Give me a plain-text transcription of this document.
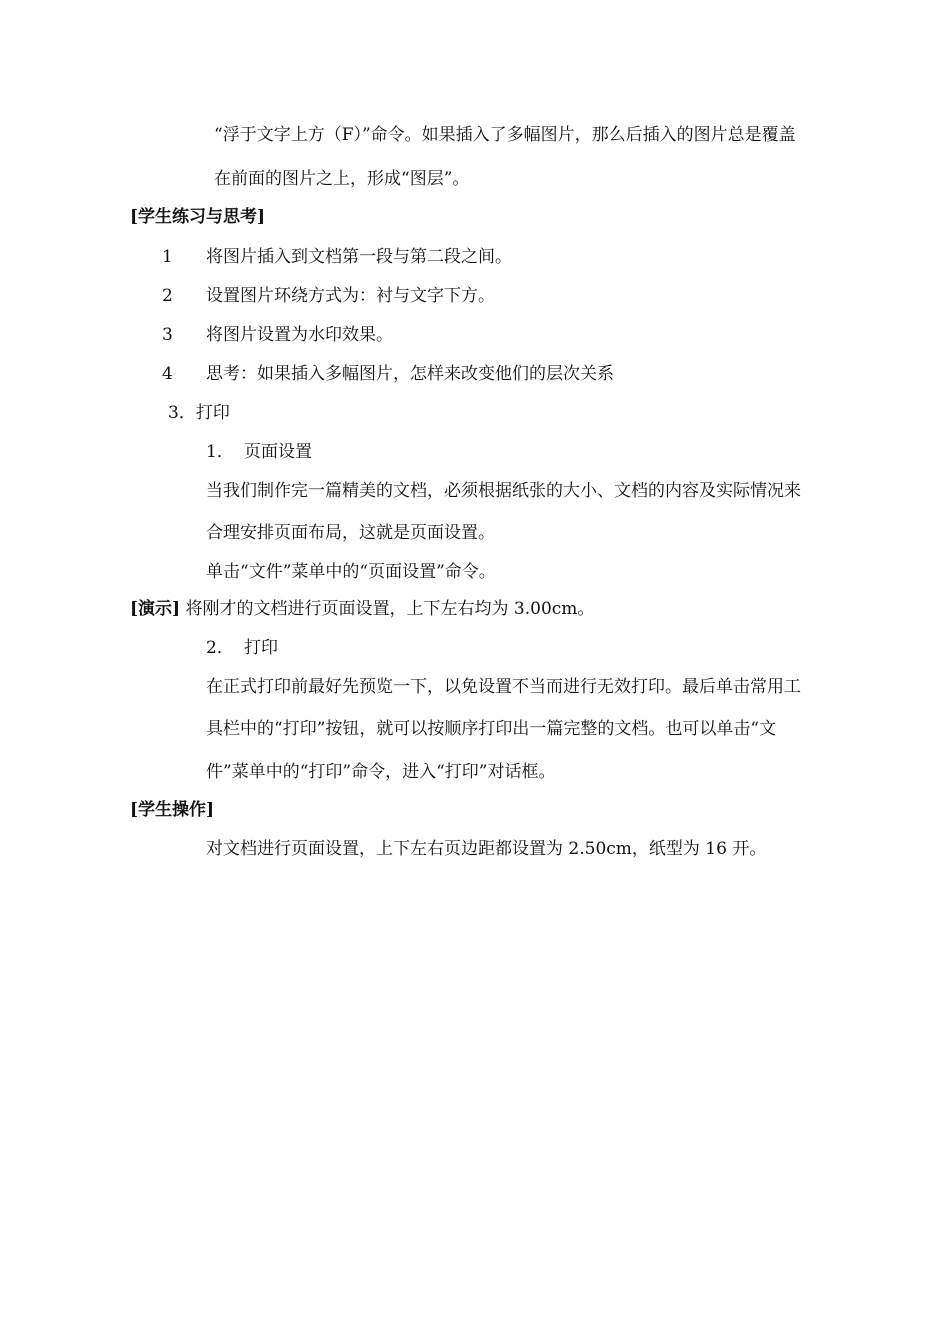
“浮于文字上方（F）”命令。如果插入了多幅图片，那么后插入的图片总是覆盖
在前面的图片之上，形成“图层”。
[学生练习与思考]
1 将图片插入到文档第一段与第二段之间。
2 设置图片环绕方式为：衬与文字下方。
3 将图片设置为水印效果。
4 思考：如果插入多幅图片，怎样来改变他们的层次关系
3．打印
1． 页面设置
当我们制作完一篇精美的文档，必须根据纸张的大小、文档的内容及实际情况来
合理安排页面布局，这就是页面设置。
单击“文件”菜单中的“页面设置”命令。
[演示] 将刚才的文档进行页面设置，上下左右均为 3.00cm。
2． 打印
在正式打印前最好先预览一下，以免设置不当而进行无效打印。最后单击常用工
具栏中的“打印”按钮，就可以按顺序打印出一篇完整的文档。也可以单击“文
件”菜单中的“打印”命令，进入“打印”对话框。
[学生操作]
对文档进行页面设置，上下左右页边距都设置为 2.50cm，纸型为 16 开。
